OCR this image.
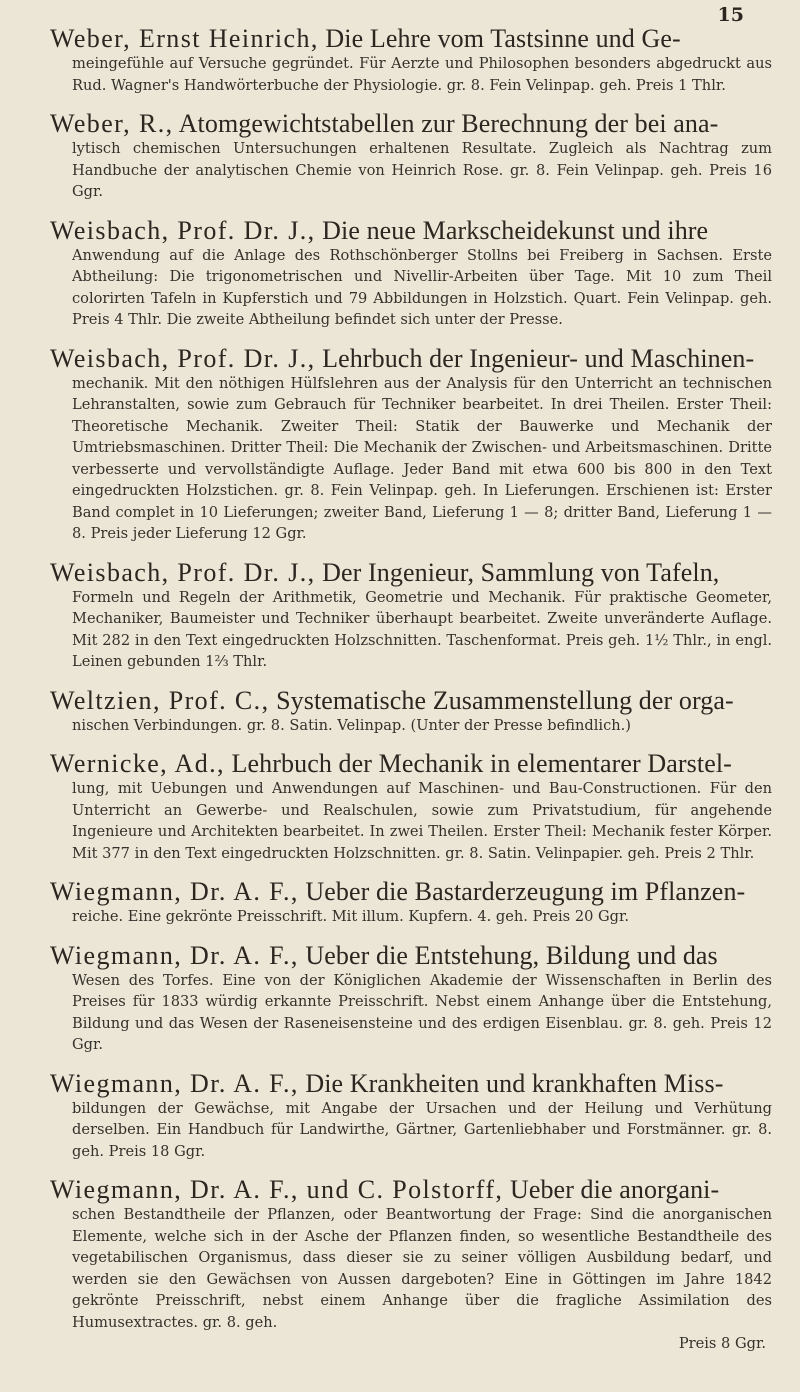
15

Weber, Ernst Heinrich, Die Lehre vom Tastsinne und Ge-

meingefühle auf Versuche gegründet. Für Aerzte und Philosophen besonders abgedruckt aus Rud. Wagner's Handwörterbuche der Physiologie. gr. 8. Fein Velinpap. geh. Preis 1 Thlr.

Weber, R., Atomgewichtstabellen zur Berechnung der bei ana-

lytisch chemischen Untersuchungen erhaltenen Resultate. Zugleich als Nachtrag zum Handbuche der analytischen Chemie von Heinrich Rose. gr. 8. Fein Velinpap. geh. Preis 16 Ggr.

Weisbach, Prof. Dr. J., Die neue Markscheidekunst und ihre

Anwendung auf die Anlage des Rothschönberger Stollns bei Freiberg in Sachsen. Erste Abtheilung: Die trigonometrischen und Nivellir-Arbeiten über Tage. Mit 10 zum Theil colorirten Tafeln in Kupferstich und 79 Abbildungen in Holzstich. Quart. Fein Velinpap. geh. Preis 4 Thlr. Die zweite Abtheilung befindet sich unter der Presse.

Weisbach, Prof. Dr. J., Lehrbuch der Ingenieur- und Maschinen-

mechanik. Mit den nöthigen Hülfslehren aus der Analysis für den Unterricht an technischen Lehranstalten, sowie zum Gebrauch für Techniker bearbeitet. In drei Theilen. Erster Theil: Theoretische Mechanik. Zweiter Theil: Statik der Bauwerke und Mechanik der Umtriebsmaschinen. Dritter Theil: Die Mechanik der Zwischen- und Arbeitsmaschinen. Dritte verbesserte und vervollständigte Auflage. Jeder Band mit etwa 600 bis 800 in den Text eingedruckten Holzstichen. gr. 8. Fein Velinpap. geh. In Lieferungen. Erschienen ist: Erster Band complet in 10 Lieferungen; zweiter Band, Lieferung 1 — 8; dritter Band, Lieferung 1 — 8. Preis jeder Lieferung 12 Ggr.

Weisbach, Prof. Dr. J., Der Ingenieur, Sammlung von Tafeln,

Formeln und Regeln der Arithmetik, Geometrie und Mechanik. Für praktische Geometer, Mechaniker, Baumeister und Techniker überhaupt bearbeitet. Zweite unveränderte Auflage. Mit 282 in den Text eingedruckten Holzschnitten. Taschenformat. Preis geh. 1½ Thlr., in engl. Leinen gebunden 1⅔ Thlr.

Weltzien, Prof. C., Systematische Zusammenstellung der orga-

nischen Verbindungen. gr. 8. Satin. Velinpap. (Unter der Presse befindlich.)

Wernicke, Ad., Lehrbuch der Mechanik in elementarer Darstel-

lung, mit Uebungen und Anwendungen auf Maschinen- und Bau-Constructionen. Für den Unterricht an Gewerbe- und Realschulen, sowie zum Privatstudium, für angehende Ingenieure und Architekten bearbeitet. In zwei Theilen. Erster Theil: Mechanik fester Körper. Mit 377 in den Text eingedruckten Holzschnitten. gr. 8. Satin. Velinpapier. geh. Preis 2 Thlr.

Wiegmann, Dr. A. F., Ueber die Bastarderzeugung im Pflanzen-

reiche. Eine gekrönte Preisschrift. Mit illum. Kupfern. 4. geh. Preis 20 Ggr.

Wiegmann, Dr. A. F., Ueber die Entstehung, Bildung und das

Wesen des Torfes. Eine von der Königlichen Akademie der Wissenschaften in Berlin des Preises für 1833 würdig erkannte Preisschrift. Nebst einem Anhange über die Entstehung, Bildung und das Wesen der Raseneisensteine und des erdigen Eisenblau. gr. 8. geh. Preis 12 Ggr.

Wiegmann, Dr. A. F., Die Krankheiten und krankhaften Miss-

bildungen der Gewächse, mit Angabe der Ursachen und der Heilung und Verhütung derselben. Ein Handbuch für Landwirthe, Gärtner, Gartenliebhaber und Forstmänner. gr. 8. geh. Preis 18 Ggr.

Wiegmann, Dr. A. F., und C. Polstorff, Ueber die anorgani-

schen Bestandtheile der Pflanzen, oder Beantwortung der Frage: Sind die anorganischen Elemente, welche sich in der Asche der Pflanzen finden, so wesentliche Bestandtheile des vegetabilischen Organismus, dass dieser sie zu seiner völligen Ausbildung bedarf, und werden sie den Gewächsen von Aussen dargeboten? Eine in Göttingen im Jahre 1842 gekrönte Preisschrift, nebst einem Anhange über die fragliche Assimilation des Humusextractes. gr. 8. geh.

Preis 8 Ggr.
